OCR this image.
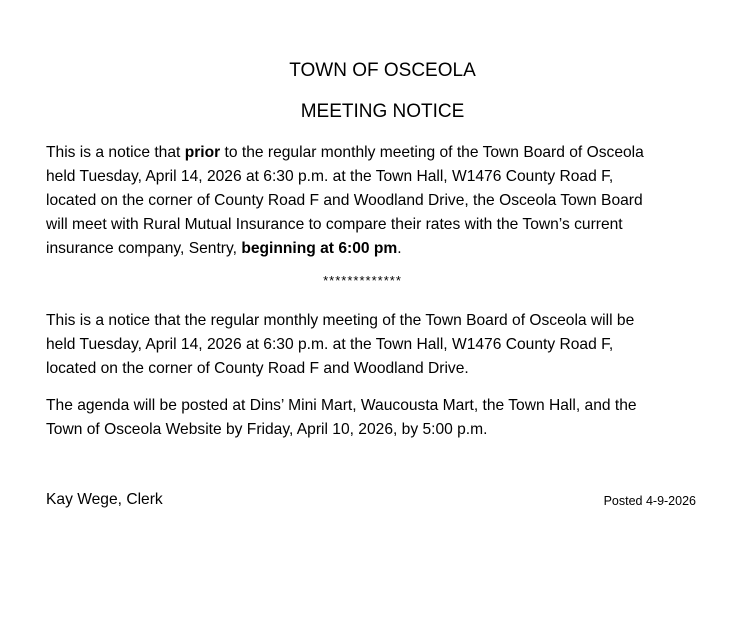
TOWN OF OSCEOLA
MEETING NOTICE
This is a notice that prior to the regular monthly meeting of the Town Board of Osceola
held Tuesday, April 14, 2026 at 6:30 p.m. at the Town Hall, W1476 County Road F,
located on the corner of County Road F and Woodland Drive, the Osceola Town Board
will meet with Rural Mutual Insurance to compare their rates with the Town’s current
insurance company, Sentry, beginning at 6:00 pm.
*************
This is a notice that the regular monthly meeting of the Town Board of Osceola will be
held Tuesday, April 14, 2026 at 6:30 p.m. at the Town Hall, W1476 County Road F,
located on the corner of County Road F and Woodland Drive.
The agenda will be posted at Dins’ Mini Mart, Waucousta Mart, the Town Hall, and the
Town of Osceola Website by Friday, April 10, 2026, by 5:00 p.m.
Kay Wege, Clerk	Posted 4-9-2026
